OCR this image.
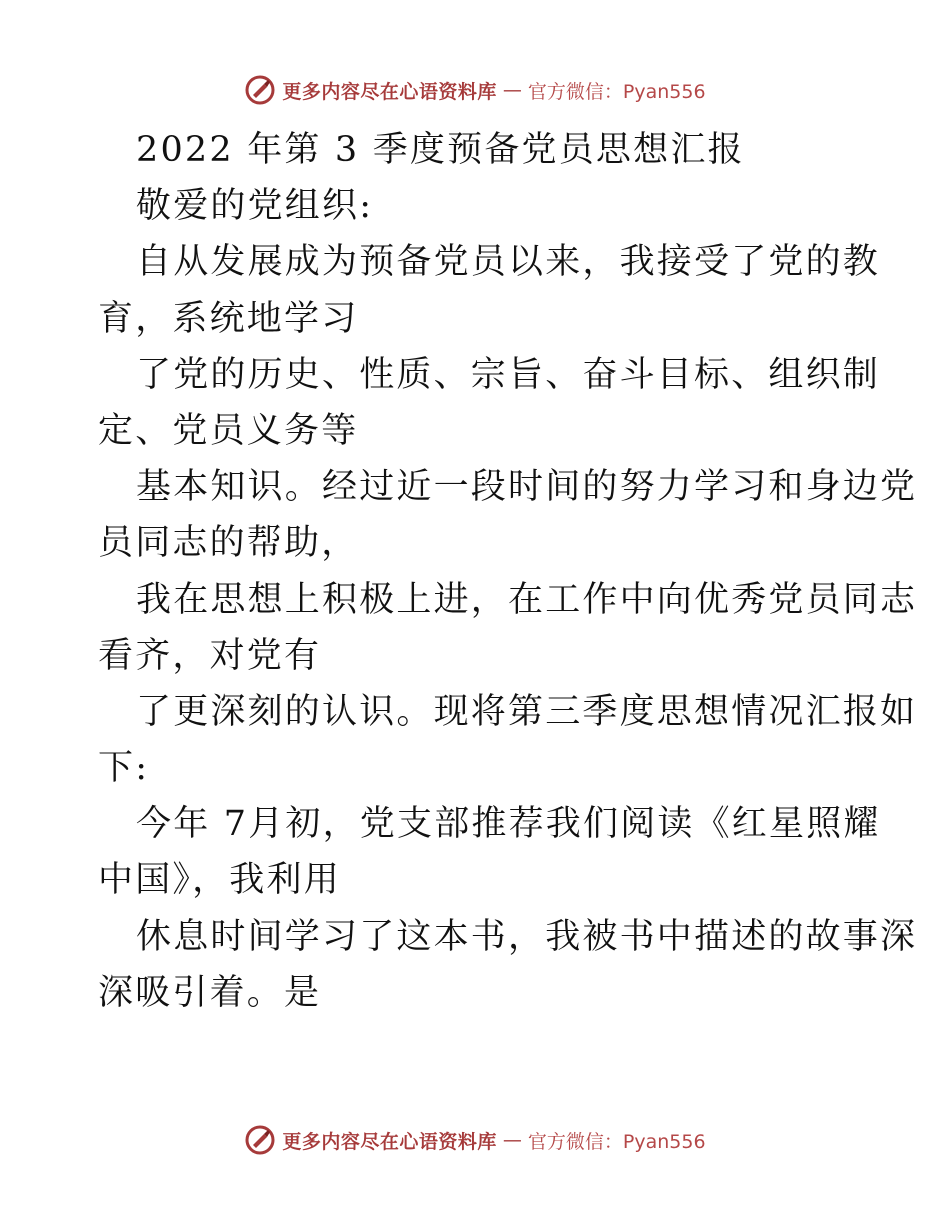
更多内容尽在心语资料库 — 官方微信：Pyan556
2022 年第 3 季度预备党员思想汇报
敬爱的党组织:
自从发展成为预备党员以来，我接受了党的教
育，系统地学习
了党的历史、性质、宗旨、奋斗目标、组织制
定、党员义务等
基本知识。经过近一段时间的努力学习和身边党
员同志的帮助，
我在思想上积极上进，在工作中向优秀党员同志
看齐，对党有
了更深刻的认识。现将第三季度思想情况汇报如
下:
今年 7月初，党支部推荐我们阅读《红星照耀
中国》，我利用
休息时间学习了这本书，我被书中描述的故事深
深吸引着。是
更多内容尽在心语资料库 — 官方微信：Pyan556
